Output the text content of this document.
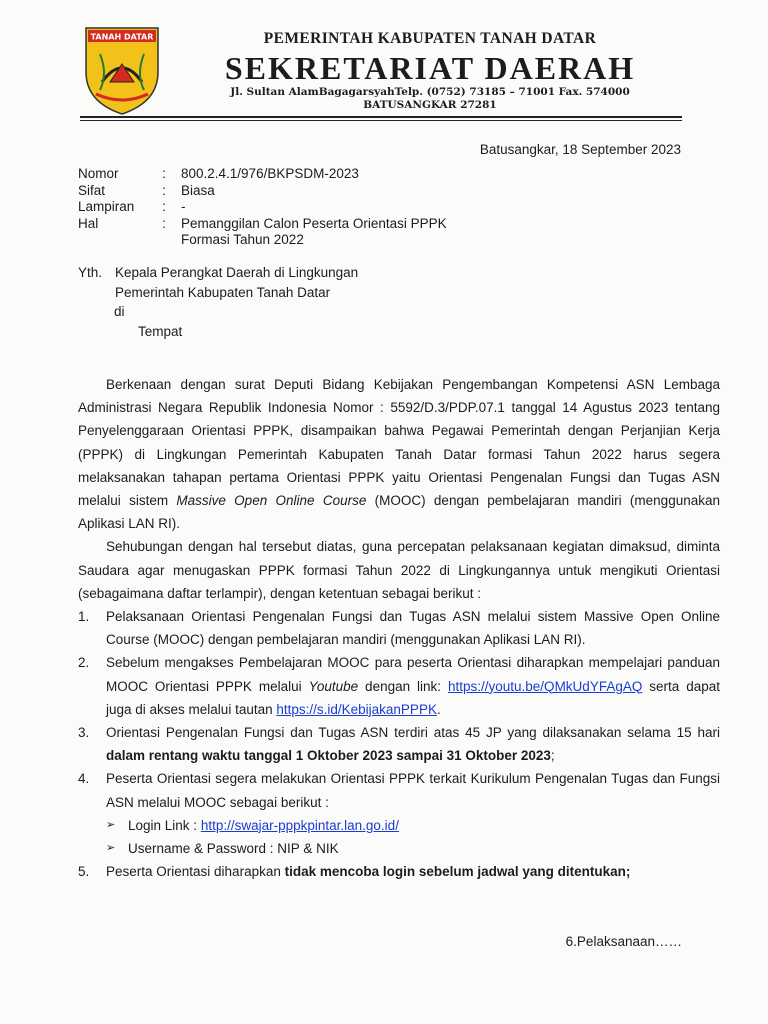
TANAH DATAR	PEMERINTAH KABUPATEN TANAH DATAR
SEKRETARIAT DAERAH
Jl. Sultan AlamBagagarsyahTelp. (0752) 73185 – 71001 Fax. 574000
BATUSANGKAR 27281
Batusangkar, 18 September 2023
Nomor	:	800.2.4.1/976/BKPSDM-2023
Sifat	:	Biasa
Lampiran	:	-
Hal	:	Pemanggilan Calon Peserta Orientasi PPPK Formasi Tahun 2022
Yth. Kepala Perangkat Daerah di Lingkungan
Pemerintah Kabupaten Tanah Datar
di
Tempat

Berkenaan dengan surat Deputi Bidang Kebijakan Pengembangan Kompetensi ASN Lembaga Administrasi Negara Republik Indonesia Nomor : 5592/D.3/PDP.07.1 tanggal 14 Agustus 2023 tentang Penyelenggaraan Orientasi PPPK, disampaikan bahwa Pegawai Pemerintah dengan Perjanjian Kerja (PPPK) di Lingkungan Pemerintah Kabupaten Tanah Datar formasi Tahun 2022 harus segera melaksanakan tahapan pertama Orientasi PPPK yaitu Orientasi Pengenalan Fungsi dan Tugas ASN melalui sistem Massive Open Online Course (MOOC) dengan pembelajaran mandiri (menggunakan Aplikasi LAN RI).

Sehubungan dengan hal tersebut diatas, guna percepatan pelaksanaan kegiatan dimaksud, diminta Saudara agar menugaskan PPPK formasi Tahun 2022 di Lingkungannya untuk mengikuti Orientasi (sebagaimana daftar terlampir), dengan ketentuan sebagai berikut :

1.	Pelaksanaan Orientasi Pengenalan Fungsi dan Tugas ASN melalui sistem Massive Open Online Course (MOOC) dengan pembelajaran mandiri (menggunakan Aplikasi LAN RI).
2.	Sebelum mengakses Pembelajaran MOOC para peserta Orientasi diharapkan mempelajari panduan MOOC Orientasi PPPK melalui Youtube dengan link: https://youtu.be/QMkUdYFAgAQ serta dapat juga di akses melalui tautan https://s.id/KebijakanPPPK.
3.	Orientasi Pengenalan Fungsi dan Tugas ASN terdiri atas 45 JP yang dilaksanakan selama 15 hari dalam rentang waktu tanggal 1 Oktober 2023 sampai 31 Oktober 2023;
4.	Peserta Orientasi segera melakukan Orientasi PPPK terkait Kurikulum Pengenalan Tugas dan Fungsi ASN melalui MOOC sebagai berikut :
➢ Login Link :
http://swajar-pppkpintar.lan.go.id/
➢ Username & Password : NIP & NIK
5.	Peserta Orientasi diharapkan tidak mencoba login sebelum jadwal yang ditentukan;
6.Pelaksanaan……
